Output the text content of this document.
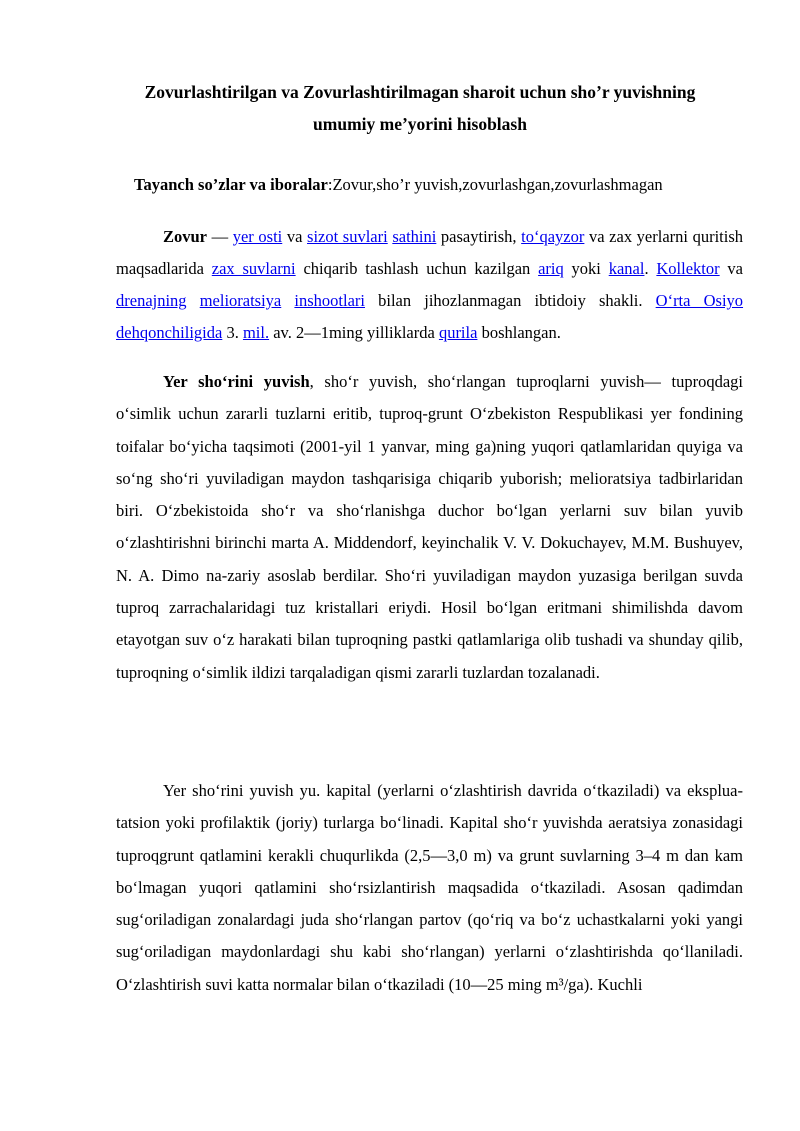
Zovurlashtirilgan va Zovurlashtirilmagan sharoit uchun sho’r yuvishning
umumiy me’yorini hisoblash
Tayanch so’zlar va iboralar:Zovur,sho’r yuvish,zovurlashgan,zovurlashmagan

Zovur — yer osti va sizot suvlari sathini pasaytirish, toʻqayzor va zax yerlarni quritish maqsadlarida zax suvlarni chiqarib tashlash uchun kazilgan ariq yoki kanal. Kollektor va drenajning melioratsiya inshootlari bilan jihozlanmagan ibtidoiy shakli. Oʻrta Osiyo dehqonchiligida 3. mil. av. 2—1ming yilliklarda qurila boshlangan.

Yer shoʻrini yuvish, shoʻr yuvish, shoʻrlangan tuproqlarni yuvish— tuproqdagi oʻsimlik uchun zararli tuzlarni eritib, tuproq-grunt Oʻzbekiston Respublikasi yer fondining toifalar boʻyicha taqsimoti (2001-yil 1 yanvar, ming ga)ning yuqori qatlamlaridan quyiga va soʻng shoʻri yuviladigan maydon tashqarisiga chiqarib yuborish; melioratsiya tadbirlaridan biri. Oʻzbekistoida shoʻr va shoʻrlanishga duchor boʻlgan yerlarni suv bilan yuvib oʻzlashtirishni birinchi marta A. Middendorf, keyinchalik V. V. Dokuchayev, M.M. Bushuyev, N. A. Dimo na-zariy asoslab berdilar. Shoʻri yuviladigan maydon yuzasiga berilgan suvda tuproq zarrachalaridagi tuz kristallari eriydi. Hosil boʻlgan eritmani shimilishda davom etayotgan suv oʻz harakati bilan tuproqning pastki qatlamlariga olib tushadi va shunday qilib, tuproqning oʻsimlik ildizi tarqaladigan qismi zararli tuzlardan tozalanadi.

Yer shoʻrini yuvish yu. kapital (yerlarni oʻzlashtirish davrida oʻtkaziladi) va eksplua-tatsion yoki profilaktik (joriy) turlarga boʻlinadi. Kapital shoʻr yuvishda aeratsiya zonasidagi tuproqgrunt qatlamini kerakli chuqurlikda (2,5—3,0 m) va grunt suvlarning 3–4 m dan kam boʻlmagan yuqori qatlamini shoʻrsizlantirish maqsadida oʻtkaziladi. Asosan qadimdan sugʻoriladigan zonalardagi juda shoʻrlangan partov (qoʻriq va boʻz uchastkalarni yoki yangi sugʻoriladigan maydonlardagi shu kabi shoʻrlangan) yerlarni oʻzlashtirishda qoʻllaniladi. Oʻzlashtirish suvi katta normalar bilan oʻtkaziladi (10—25 ming m³/ga). Kuchli
